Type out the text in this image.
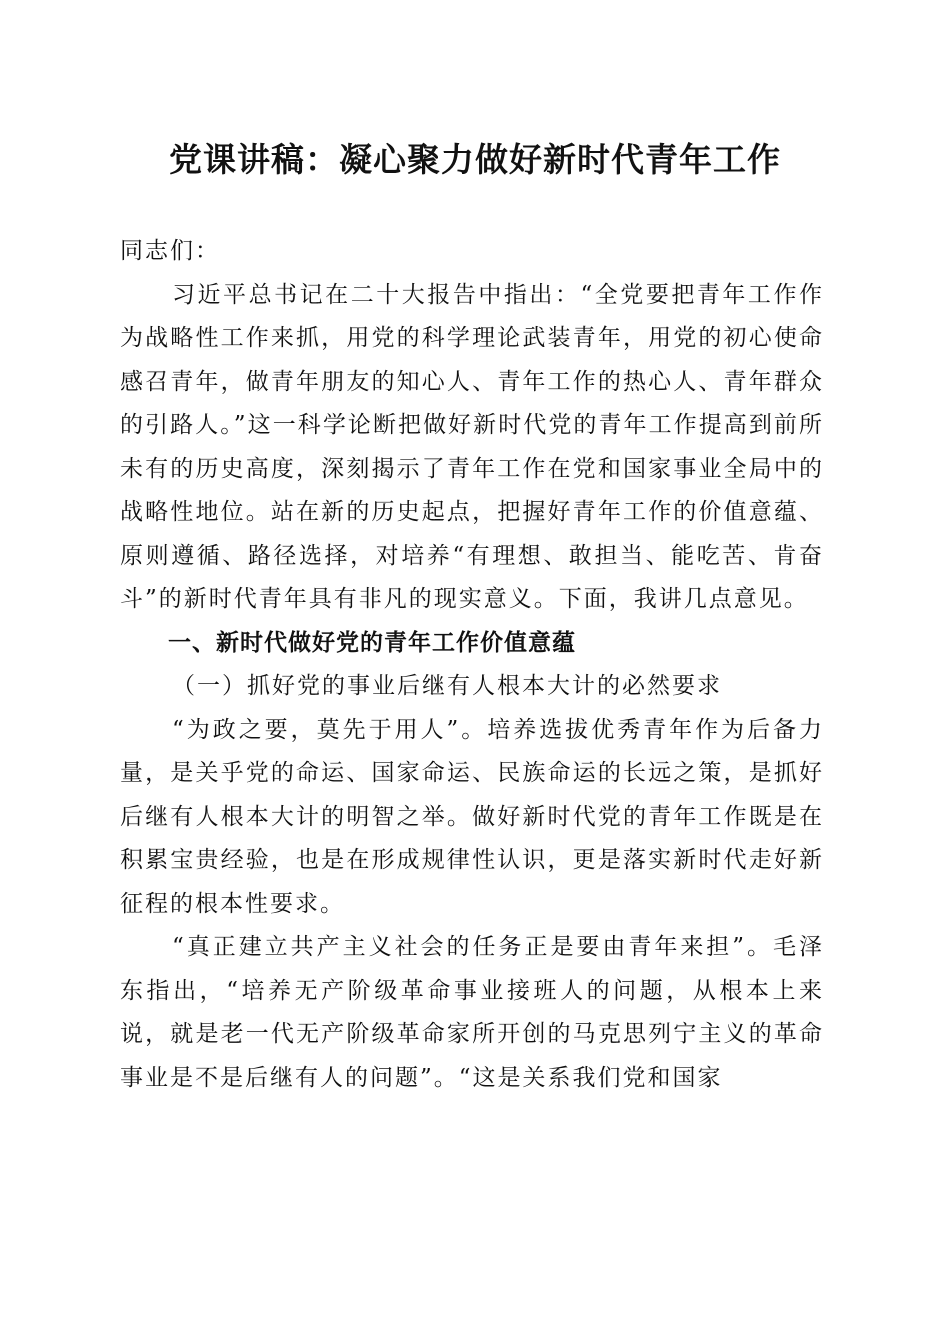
党课讲稿：凝心聚力做好新时代青年工作

同志们：

习近平总书记在二十大报告中指出：“全党要把青年工作作为战略性工作来抓，用党的科学理论武装青年，用党的初心使命感召青年，做青年朋友的知心人、青年工作的热心人、青年群众的引路人。”这一科学论断把做好新时代党的青年工作提高到前所未有的历史高度，深刻揭示了青年工作在党和国家事业全局中的战略性地位。站在新的历史起点，把握好青年工作的价值意蕴、原则遵循、路径选择，对培养“有理想、敢担当、能吃苦、肯奋斗”的新时代青年具有非凡的现实意义。下面，我讲几点意见。

一、新时代做好党的青年工作价值意蕴

（一）抓好党的事业后继有人根本大计的必然要求

“为政之要，莫先于用人”。培养选拔优秀青年作为后备力量，是关乎党的命运、国家命运、民族命运的长远之策，是抓好后继有人根本大计的明智之举。做好新时代党的青年工作既是在积累宝贵经验，也是在形成规律性认识，更是落实新时代走好新征程的根本性要求。

“真正建立共产主义社会的任务正是要由青年来担”。毛泽东指出，“培养无产阶级革命事业接班人的问题，从根本上来说，就是老一代无产阶级革命家所开创的马克思列宁主义的革命事业是不是后继有人的问题”。“这是关系我们党和国家
